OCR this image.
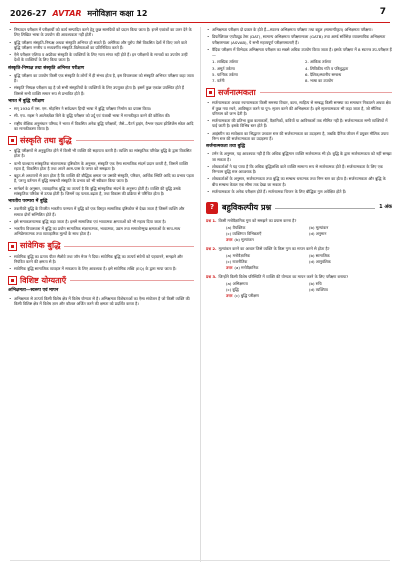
2026-27 AVTAR मनोविज्ञान कक्षा 12	7
• निष्पादन परीक्षण में परीक्षार्थी को कार्य सम्पादित करने हेतु कुछ सामग्रियों को प्रदान किया जाता है। इनमें एकांशों का उत्तर देने के लिए लिखित भाषा के उपयोग की आवश्यकता नहीं होती।
• बुद्धि परीक्षण संस्कृति-निष्पक्ष अथवा संस्कृति अभिनत हो सकते हैं। अमेरिका और यूरोप जैसे विकसित देशों में किए जाने वाले बुद्धि परीक्षण नगरीय व मध्यवर्गीय संस्कृति-विशेषताओं का प्रतिनिधित्व करते हैं।
• ऐसे परीक्षण एशिया व अफ्रीका संस्कृति के व्यक्तियों के लिए न्याय संगत नहीं होते हैं। इन परीक्षणों के मानकों का उपयोग उन्हीं देशों के व्यक्तियों के लिए किया जाता है।
संस्कृति-निष्पक्ष तथा संस्कृति अभिनत परीक्षण
• बुद्धि परीक्षण का उपयोग किसी एक संस्कृति के लोगों में ही संभव होता है, इस विचारधारा को संस्कृति अभिनत परीक्षण कहा जाता है।
• संस्कृति निष्पक्ष परीक्षण वह है जो सभी संस्कृतियों के व्यक्तियों के लिए उपयुक्त होता है। इसमें कुछ एकांश उपस्थित होते हैं जिससे सभी व्यक्ति समान रूप से प्रभावित होते हैं।
भारत में बुद्धि परीक्षण
• सन् 1930 में एस. एम. मोहसिन ने सर्वप्रथम हिन्दी भाषा में बुद्धि परीक्षण निर्माण का प्रयास किया।
• सी. एच. राइस ने आलेक्ज़ेंडर बिने के बुद्धि परीक्षण को उर्दू एवं पंजाबी भाषा में मानकीकृत करने की कोशिश की।
• राष्ट्रीय शैक्षिक अनुसंधान परिषद ने भारत में विकसित अनेक बुद्धि परीक्षणों, जैसे—पैटर्न ड्राइंग, वैश्लर एडल्ट इंटेलिजेंस स्केल आदि का मानकीकरण किया है।
संस्कृति तथा बुद्धि
• बुद्धि परीक्षणों से अनुकूलित होने में किसी भी व्यक्ति की सहायता करती है। व्यक्ति का सांस्कृतिक परिवेश बुद्धि के द्वारा विकसित होता है।
• कभी पाश्चात्य सांस्कृतिक संज्ञानात्मक दृष्टिकोण के अनुसार, संस्कृति एक ऐसा सामाजिक संदर्भ प्रदान करती है, जिसमें व्यक्ति रहता है, विकसित होता है तथा अपने आस-पास के जगत को समझता है।
• बहुत-से अध्ययनों से ज्ञात होता है कि व्यक्ति की बौद्धिक क्षमता पर उसकी संस्कृति, परिवार, आर्थिक स्थिति आदि का प्रभाव पड़ता है, परन्तु वर्तमान में बुद्धि सम्बन्धी संस्कृति के प्रभाव को भी स्वीकार किया जाता है।
• स्टर्नबर्ग के अनुसार, व्यावहारिक बुद्धि का तात्पर्य है कि बुद्धि सांस्कृतिक संदर्भ के अनुरूप होती है। व्यक्ति की बुद्धि उसके सांस्कृतिक परिवेश से उत्पन्न होती है। जिसमें वह पलता-बढ़ता है, तथा विकास की प्रक्रिया से परिचित होता है।
भारतीय परम्परा में बुद्धि
• तकनीकी बुद्धि के विपरीत भारतीय परम्परा में बुद्धि को एक विस्तृत सामाजिक दृष्टिकोण से देखा जाता है जिसमें व्यक्ति और समाज दोनों सम्मिलित होते हैं।
• इसे समाकलनात्मक बुद्धि कहा जाता है। इसमें सामाजिक एवं भावात्मक क्षमताओं को भी महत्त्व दिया जाता है।
• भारतीय विचारधारा में बुद्धि का प्रयोग सामाजिक संज्ञानात्मक, भावात्मक, उद्यम तथा समाजोन्मुख क्षमताओं के साथ-साथ अभिप्रेरणात्मक तथा व्यावहारिक मूल्यों के साथ होता है।
सांवेगिक बुद्धि
• सांवेगिक बुद्धि का प्रत्यय पीटर सैलोवे तथा जॉन मेयर ने दिया। सांवेगिक बुद्धि का तात्पर्य संवेगों को पहचानने, समझने और नियंत्रित करने की क्षमता से है।
• सांवेगिक बुद्धि सामाजिक व्यवहार में सफलता के लिए आवश्यक है। इसे सांवेगिक लब्धि (EQ) के द्वारा मापा जाता है।
विशिष्ट योग्यताएँ
अभिक्षमता—स्वरूप एवं मापन
• अभिक्षमता से तात्पर्य किसी विशेष क्षेत्र में विशेष योग्यता से है। अभिक्षमता विशेषताओं का ऐसा संयोजन है जो किसी व्यक्ति की किसी विशिष्ट क्षेत्र में विशेष ज्ञान और कौशल अर्जित करने की क्षमता को प्रदर्शित करता है।
• अभिक्षमता परीक्षण दो प्रकार के होते हैं—स्वतन्त्र अभिक्षमता परीक्षण तथा बहुल (सामान्यीकृत) अभिक्षमता परीक्षण।
• डिफरेंशियल एप्टीट्यूड टेस्ट (DAT), सामान्य अभिक्षमता परीक्षणमाला (GATB) तथा आर्म्ड सर्विसेज़ व्यावसायिक अभिक्षमता परीक्षणमाला (ASVAB), ये सभी महत्त्वपूर्ण परीक्षणमालाएँ हैं।
• वैदिक परीक्षण में विभेदक अभिक्षमता परीक्षण का सबसे अधिक उपयोग किया जाता है। इसके परीक्षण में 8 स्वतन्त्र उप-परीक्षण हैं—
1. शाब्दिक तर्कणा	2. आंकिक तर्कणा
3. अमूर्त तर्कणा	4. लिपिकीय गति व परिशुद्धता
5. यान्त्रिक तर्कणा	6. दैशिक/स्थानीय सम्बन्ध
7. वर्तनी	8. भाषा का उपयोग
सर्जनात्मकता
• सर्जनात्मकता अथवा रचनात्मकता किसी समस्या विचार, कला, साहित्य से सम्बद्ध किसी समस्या का समाधान निकालने अथवा क्षेत्र में कुछ नया रचने, आविष्कृत करने या पुन: सृजन करने की अभिक्षमता है। इसे सृजनात्मकता भी कहा जाता है, जो मौलिक परिणाम को जन्म देती है।
• सर्जनात्मकता की प्रतिभा कुछ कलाकारों, वैज्ञानिकों, कवियों या आविष्कारों तक सीमित नहीं है। सर्जनात्मकता सभी व्यक्तियों में पाई जाती है। इसके विभिन्न स्तर होते हैं।
• आइंस्टीन का सापेक्षता का सिद्धान्त उच्चतर स्तर की सर्जनात्मकता का उदाहरण है, जबकि दैनिक जीवन में प्रयुक्त मौलिक उपाय निम्न स्तर की सर्जनात्मकता का उदाहरण हैं।
सर्जनात्मकता तथा बुद्धि
• टर्मन के अनुसार, यह आवश्यक नहीं है कि अधिक बुद्धिमान व्यक्ति सर्जनात्मक भी हो। बुद्धि के द्वारा सर्जनात्मकता को नहीं समझा जा सकता है।
• शोधकर्ताओं ने यह पाया है कि अधिक बुद्धिलब्धि वाले व्यक्ति सामान्य रूप से सर्जनात्मक होते हैं। सर्जनात्मकता के लिए एक निम्नतम बुद्धि स्तर आवश्यक है।
• शोधकर्ताओं के अनुसार, सर्जनात्मकता तथा बुद्धि का सम्बन्ध धनात्मक तथा निम्न स्तर का होता है। सर्जनात्मकता और बुद्धि के बीच सम्बन्ध केवल एक सीमा तक देखा जा सकता है।
• सर्जनात्मकता के अनेक परीक्षण होते हैं। सर्जनात्मक चिन्तन के लिए बौद्धिक गुण अपेक्षित होते हैं।
? बहुविकल्पीय प्रश्न	1 अंक
प्रश्न 1. किसी मनोवैज्ञानिक गुण को समझने का प्रयास करना है?
(a) वैयक्तिक	(b) मूल्यांकन
(c) व्यक्तिगत विभिन्नताएँ	(d) अनुमान
उत्तर (b) मूल्यांकन
प्रश्न 2. मूल्यांकन करने का आधार जिसे व्यक्ति के किस गुण का मापन करने से होता है?
(a) मनोवैज्ञानिक	(b) सामाजिक
(c) राजनीतिक	(d) आनुवंशिक
उत्तर (a) मनोवैज्ञानिक
प्रश्न 3. जिन्होंने किसी विशेष परिस्थिति में व्यक्ति की योग्यता का मापन करने के लिए परीक्षण बनाया?
(a) अभिक्षमता	(b) रुचि
(c) बुद्धि	(d) व्यक्तित्व
उत्तर (c) बुद्धि परीक्षण
